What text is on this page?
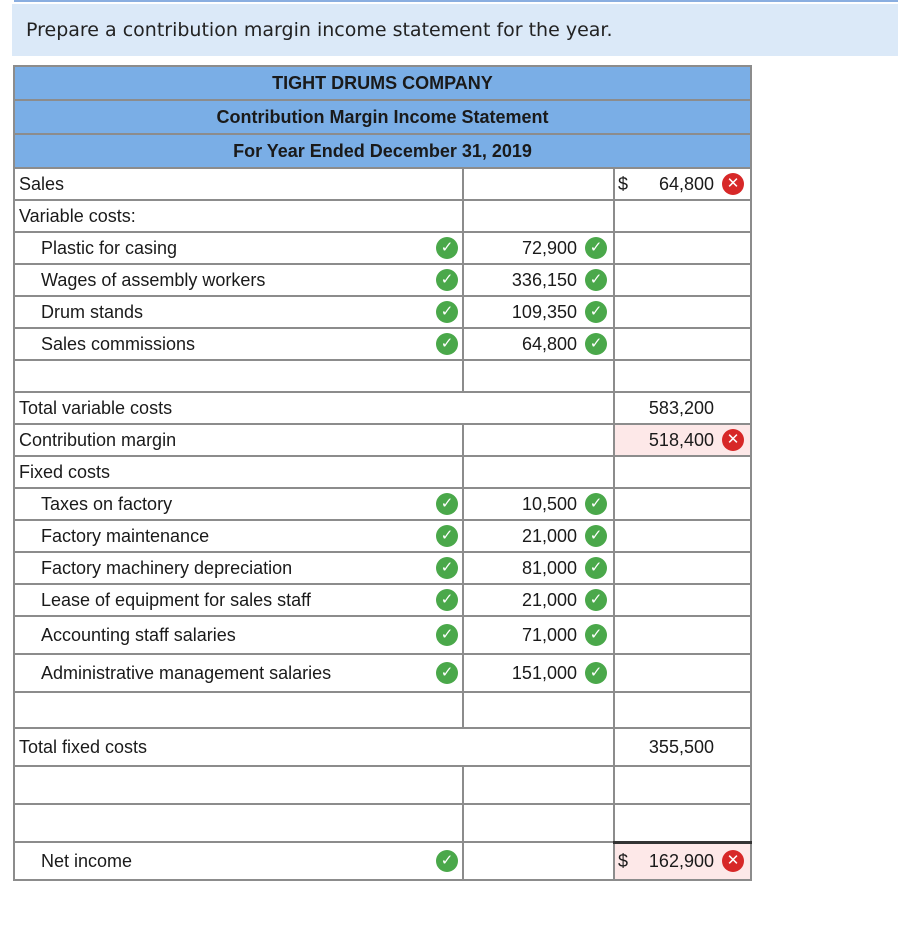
Prepare a contribution margin income statement for the year.
TIGHT DRUMS COMPANY		
Contribution Margin Income Statement		
For Year Ended December 31, 2019		
Sales		$ 64,800 ✕

Variable costs:		
Plastic for casing ✓	72,900 ✓	

Wages of assembly workers ✓	336,150 ✓	

Drum stands ✓	109,350 ✓	

Sales commissions ✓	64,800 ✓	

Total variable costs		583,200
Contribution margin		518,400 ✕

Fixed costs		
Taxes on factory ✓	10,500 ✓	

Factory maintenance ✓	21,000 ✓	

Factory machinery depreciation ✓	81,000 ✓	

Lease of equipment for sales staff ✓	21,000 ✓	

Accounting staff salaries ✓	71,000 ✓	

Administrative management salaries ✓	151,000 ✓	

Total fixed costs		355,500

Net income ✓		$ 162,900 ✕
